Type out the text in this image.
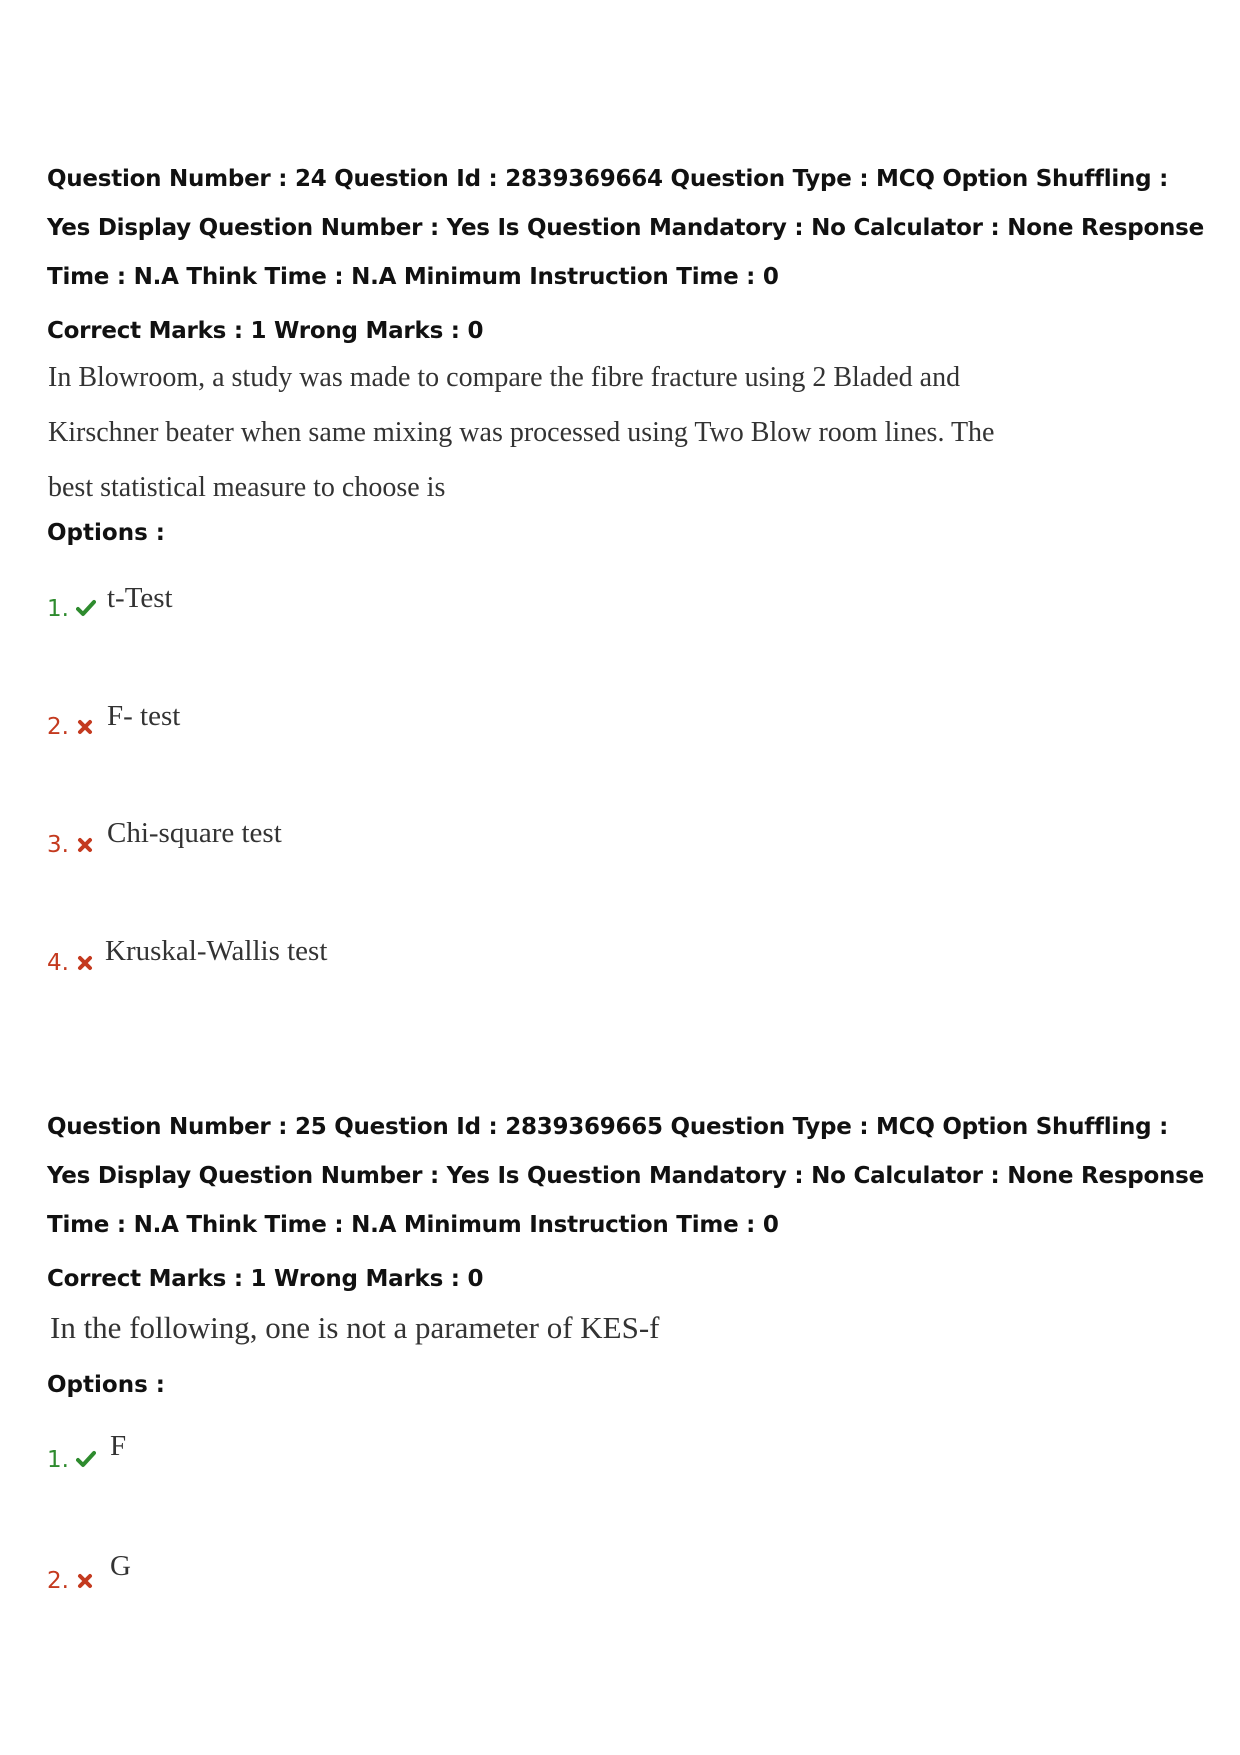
Question Number : 24 Question Id : 2839369664 Question Type : MCQ Option Shuffling : Yes Display Question Number : Yes Is Question Mandatory : No Calculator : None Response Time : N.A Think Time : N.A Minimum Instruction Time : 0
Correct Marks : 1 Wrong Marks : 0
In Blowroom, a study was made to compare the fibre fracture using 2 Bladed and
Kirschner beater when same mixing was processed using Two Blow room lines. The
best statistical measure to choose is
Options :
1. t-Test
2. F- test
3. Chi-square test
4. Kruskal-Wallis test
Question Number : 25 Question Id : 2839369665 Question Type : MCQ Option Shuffling : Yes Display Question Number : Yes Is Question Mandatory : No Calculator : None Response Time : N.A Think Time : N.A Minimum Instruction Time : 0
Correct Marks : 1 Wrong Marks : 0
In the following, one is not a parameter of KES-f
Options :
1. F
2. G
